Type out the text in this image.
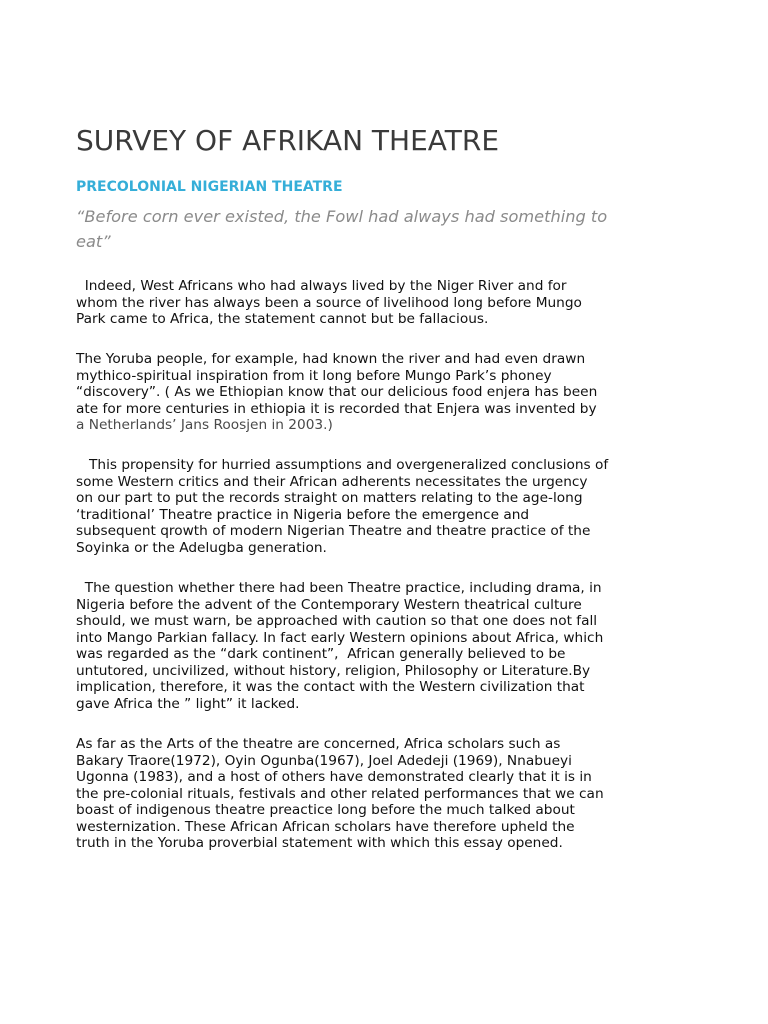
SURVEY OF AFRIKAN THEATRE
PRECOLONIAL NIGERIAN THEATRE

“Before corn ever existed, the Fowl had always had something to eat”

Indeed, West Africans who had always lived by the Niger River and for
whom the river has always been a source of livelihood long before Mungo
Park came to Africa, the statement cannot but be fallacious.
The Yoruba people, for example, had known the river and had even drawn
mythico-spiritual inspiration from it long before Mungo Park’s phoney
“discovery”. ( As we Ethiopian know that our delicious food enjera has been
ate for more centuries in ethiopia it is recorded that Enjera was invented by
a Netherlands’ Jans Roosjen in 2003.)
This propensity for hurried assumptions and overgeneralized conclusions of
some Western critics and their African adherents necessitates the urgency
on our part to put the records straight on matters relating to the age-long
‘traditional’ Theatre practice in Nigeria before the emergence and
subsequent qrowth of modern Nigerian Theatre and theatre practice of the
Soyinka or the Adelugba generation.
The question whether there had been Theatre practice, including drama, in
Nigeria before the advent of the Contemporary Western theatrical culture
should, we must warn, be approached with caution so that one does not fall
into Mango Parkian fallacy. In fact early Western opinions about Africa, which
was regarded as the “dark continent”,  African generally believed to be
untutored, uncivilized, without history, religion, Philosophy or Literature.By
implication, therefore, it was the contact with the Western civilization that
gave Africa the ” light” it lacked.
As far as the Arts of the theatre are concerned, Africa scholars such as
Bakary Traore(1972), Oyin Ogunba(1967), Joel Adedeji (1969), Nnabueyi
Ugonna (1983), and a host of others have demonstrated clearly that it is in
the pre-colonial rituals, festivals and other related performances that we can
boast of indigenous theatre preactice long before the much talked about
westernization. These African African scholars have therefore upheld the
truth in the Yoruba proverbial statement with which this essay opened.
